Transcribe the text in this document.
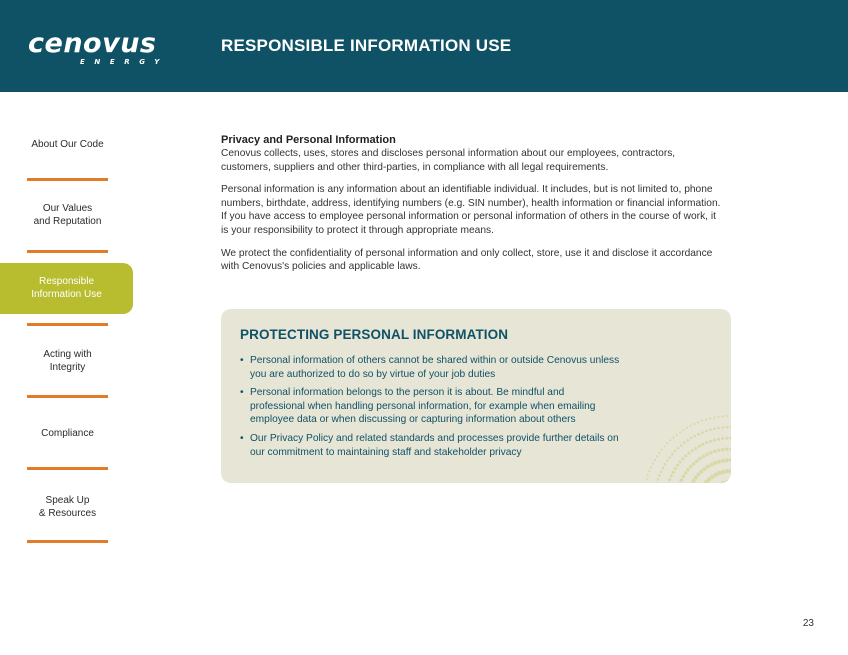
cenovus
ENERGY
RESPONSIBLE INFORMATION USE
About Our Code
Our Values
and Reputation
Responsible
Information Use
Acting with
Integrity
Compliance
Speak Up
& Resources
Privacy and Personal Information

Cenovus collects, uses, stores and discloses personal information about our employees, contractors, customers, suppliers and other third-parties, in compliance with all legal requirements.

Personal information is any information about an identifiable individual. It includes, but is not limited to, phone numbers, birthdate, address, identifying numbers (e.g. SIN number), health information or financial information. If you have access to employee personal information or personal information of others in the course of work, it is your responsibility to protect it through appropriate means.

We protect the confidentiality of personal information and only collect, store, use it and disclose it accordance with Cenovus's policies and applicable laws.

PROTECTING PERSONAL INFORMATION
• Personal information of others cannot be shared within or outside Cenovus unless you are authorized to do so by virtue of your job duties
• Personal information belongs to the person it is about. Be mindful and professional when handling personal information, for example when emailing employee data or when discussing or capturing information about others
• Our Privacy Policy and related standards and processes provide further details on our commitment to maintaining staff and stakeholder privacy
23
